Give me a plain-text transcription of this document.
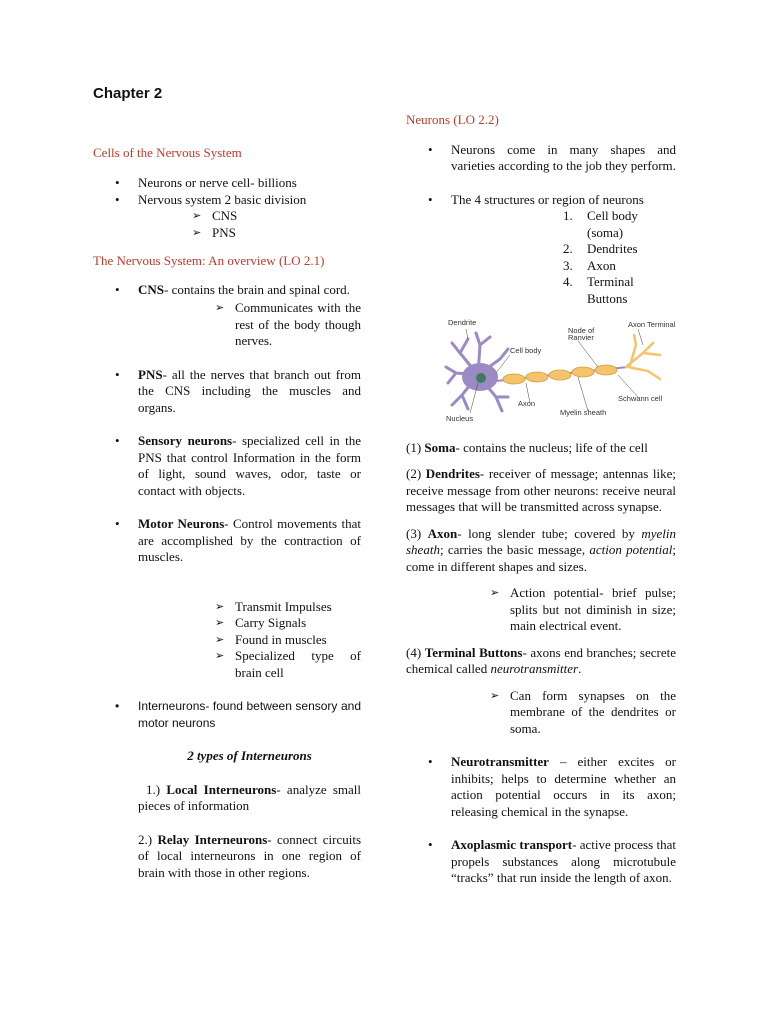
Chapter 2
Cells of the Nervous System
• Neurons or nerve cell- billions
• Nervous system 2 basic division
➢ CNS
➢ PNS
The Nervous System: An overview (LO 2.1)
• CNS- contains the brain and spinal cord.
➢ Communicates with the rest of the body though nerves.
• PNS- all the nerves that branch out from the CNS including the muscles and organs.
• Sensory neurons- specialized cell in the PNS that control Information in the form of light, sound waves, odor, taste or contact with objects.
• Motor Neurons- Control movements that are accomplished by the contraction of muscles.
➢ Transmit Impulses
➢ Carry Signals
➢ Found in muscles
➢ Specialized type of brain cell
• Interneurons- found between sensory and motor neurons

2 types of Interneurons

1.) Local Interneurons- analyze small pieces of information

2.) Relay Interneurons- connect circuits of local interneurons in one region of brain with those in other regions.

Neurons (LO 2.2)
• Neurons come in many shapes and varieties according to the job they perform.
• The 4 structures or region of neurons
Cell body (soma)
Dendrites
Axon
Terminal Buttons
Dendrite	Axon Terminal
Node of
Ranvier
Cell body
Schwann cell
Axon
Myelin sheath
Nucleus

(1) Soma- contains the nucleus; life of the cell

(2) Dendrites- receiver of message; antennas like; receive message from other neurons: receive neural messages that will be transmitted across synapse.

(3) Axon- long slender tube; covered by myelin sheath; carries the basic message, action potential; come in different shapes and sizes.

➢ Action potential- brief pulse; splits but not diminish in size; main electrical event.

(4) Terminal Buttons- axons end branches; secrete chemical called neurotransmitter.

➢ Can form synapses on the membrane of the dendrites or soma.
• Neurotransmitter – either excites or inhibits; helps to determine whether an action potential occurs in its axon; releasing chemical in the synapse.
• Axoplasmic transport- active process that propels substances along microtubule “tracks” that run inside the length of axon.
